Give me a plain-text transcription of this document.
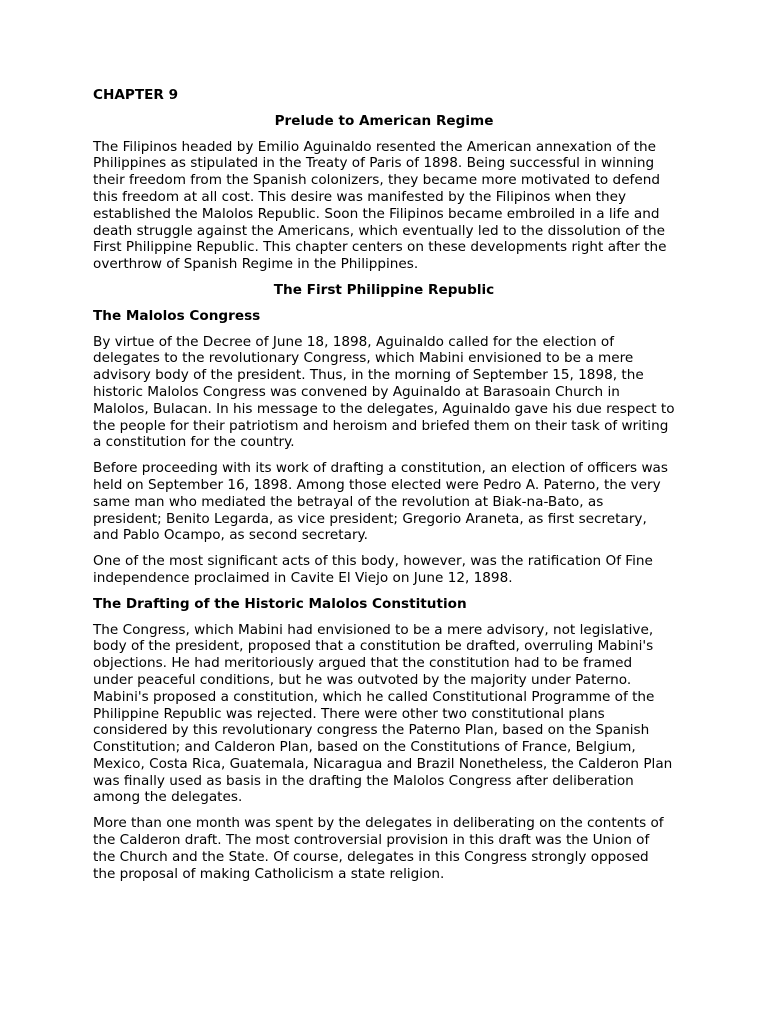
CHAPTER 9
Prelude to American Regime

The Filipinos headed by Emilio Aguinaldo resented the American annexation of the Philippines as stipulated in the Treaty of Paris of 1898. Being successful in winning their freedom from the Spanish colonizers, they became more motivated to defend this freedom at all cost. This desire was manifested by the Filipinos when they established the Malolos Republic. Soon the Filipinos became embroiled in a life and death struggle against the Americans, which eventually led to the dissolution of the First Philippine Republic. This chapter centers on these developments right after the overthrow of Spanish Regime in the Philippines.

The First Philippine Republic
The Malolos Congress

By virtue of the Decree of June 18, 1898, Aguinaldo called for the election of delegates to the revolutionary Congress, which Mabini envisioned to be a mere advisory body of the president. Thus, in the morning of September 15, 1898, the historic Malolos Congress was convened by Aguinaldo at Barasoain Church in Malolos, Bulacan. In his message to the delegates, Aguinaldo gave his due respect to the people for their patriotism and heroism and briefed them on their task of writing a constitution for the country.

Before proceeding with its work of drafting a constitution, an election of officers was held on September 16, 1898. Among those elected were Pedro A. Paterno, the very same man who mediated the betrayal of the revolution at Biak-na-Bato, as president; Benito Legarda, as vice president; Gregorio Araneta, as first secretary, and Pablo Ocampo, as second secretary.

One of the most significant acts of this body, however, was the ratification Of Fine independence proclaimed in Cavite El Viejo on June 12, 1898.

The Drafting of the Historic Malolos Constitution

The Congress, which Mabini had envisioned to be a mere advisory, not legislative, body of the president, proposed that a constitution be drafted, overruling Mabini's objections. He had meritoriously argued that the constitution had to be framed under peaceful conditions, but he was outvoted by the majority under Paterno. Mabini's proposed a constitution, which he called Constitutional Programme of the Philippine Republic was rejected. There were other two constitutional plans considered by this revolutionary congress the Paterno Plan, based on the Spanish Constitution; and Calderon Plan, based on the Constitutions of France, Belgium, Mexico, Costa Rica, Guatemala, Nicaragua and Brazil Nonetheless, the Calderon Plan was finally used as basis in the drafting the Malolos Congress after deliberation among the delegates.

More than one month was spent by the delegates in deliberating on the contents of the Calderon draft. The most controversial provision in this draft was the Union of the Church and the State. Of course, delegates in this Congress strongly opposed the proposal of making Catholicism a state religion.
